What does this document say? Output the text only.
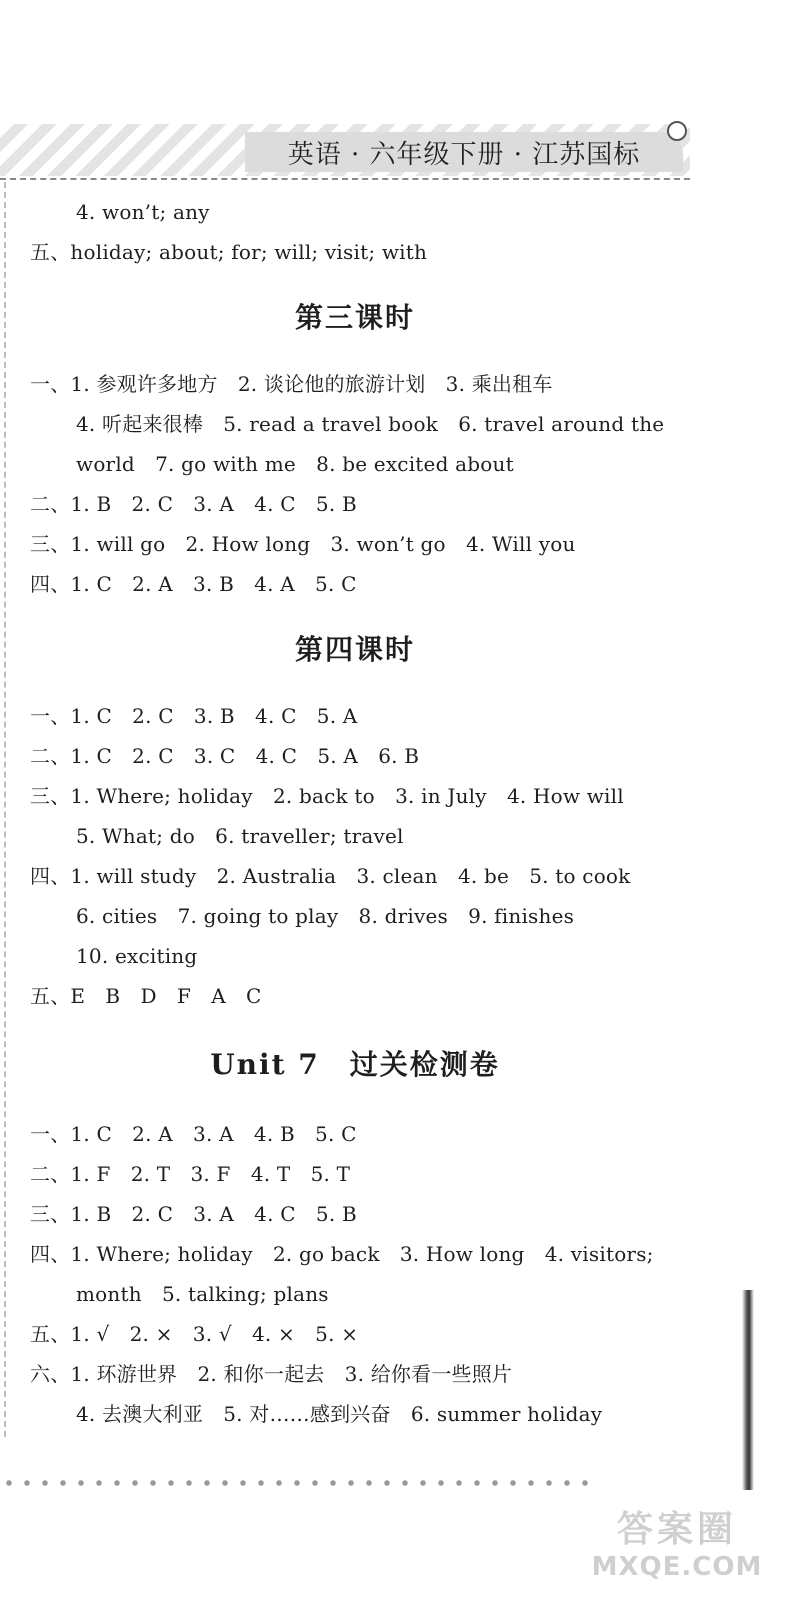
英语 · 六年级下册 · 江苏国标
4. won’t; any
五、holiday; about; for; will; visit; with
第三课时
一、1. 参观许多地方　2. 谈论他的旅游计划　3. 乘出租车
4. 听起来很棒　5. read a travel book　6. travel around the
world　7. go with me　8. be excited about
二、1. B　2. C　3. A　4. C　5. B
三、1. will go　2. How long　3. won’t go　4. Will you
四、1. C　2. A　3. B　4. A　5. C
第四课时
一、1. C　2. C　3. B　4. C　5. A
二、1. C　2. C　3. C　4. C　5. A　6. B
三、1. Where; holiday　2. back to　3. in July　4. How will
5. What; do　6. traveller; travel
四、1. will study　2. Australia　3. clean　4. be　5. to cook
6. cities　7. going to play　8. drives　9. finishes
10. exciting
五、E　B　D　F　A　C
Unit 7　过关检测卷
一、1. C　2. A　3. A　4. B　5. C
二、1. F　2. T　3. F　4. T　5. T
三、1. B　2. C　3. A　4. C　5. B
四、1. Where; holiday　2. go back　3. How long　4. visitors;
month　5. talking; plans
五、1. √　2. ×　3. √　4. ×　5. ×
六、1. 环游世界　2. 和你一起去　3. 给你看一些照片
4. 去澳大利亚　5. 对……感到兴奋　6. summer holiday
答案圈
MXQE.COM
